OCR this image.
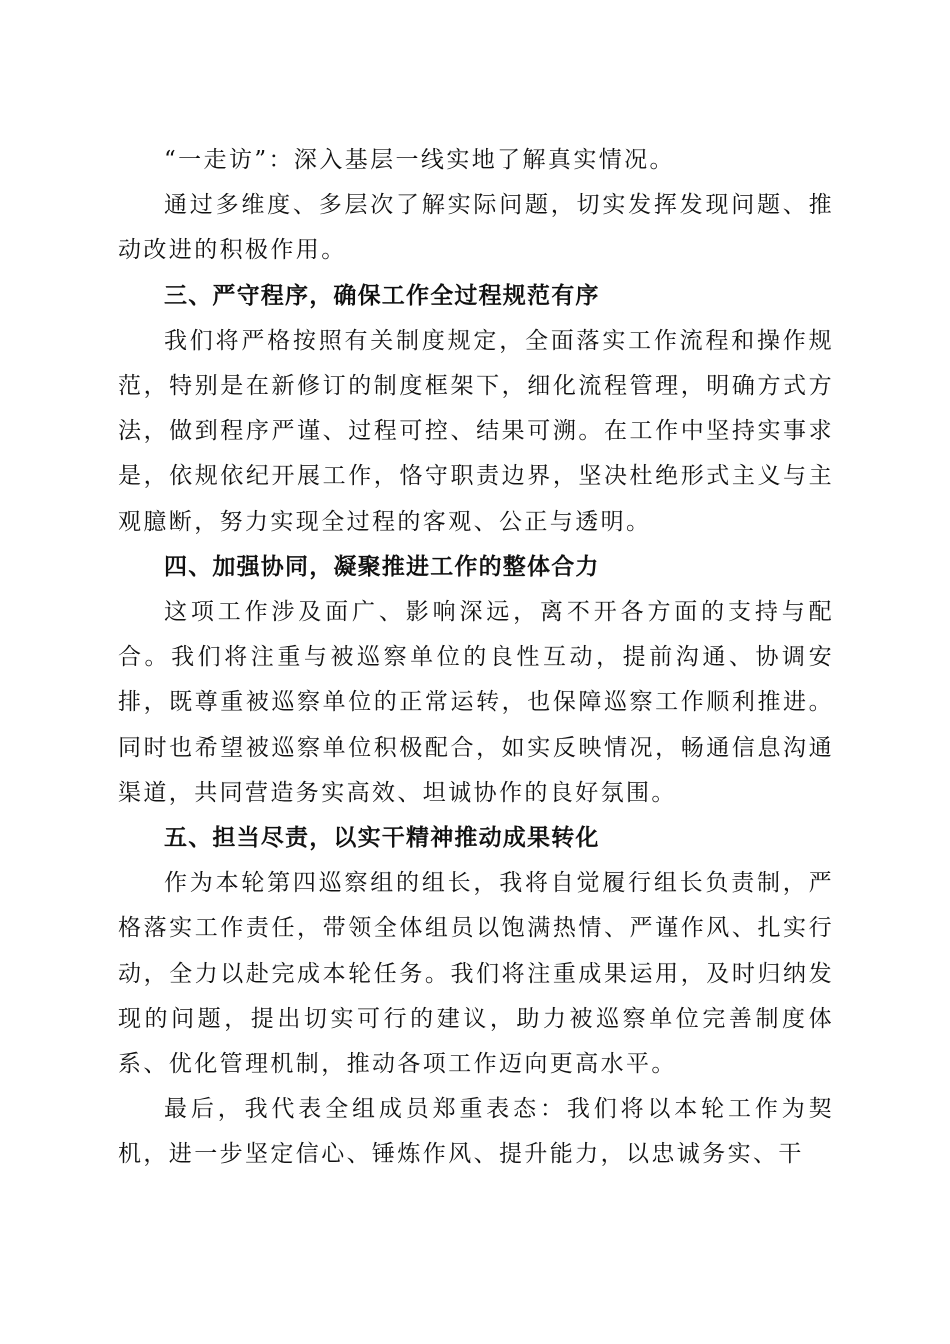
“一走访”：深入基层一线实地了解真实情况。

通过多维度、多层次了解实际问题，切实发挥发现问题、推动改进的积极作用。

三、严守程序，确保工作全过程规范有序

我们将严格按照有关制度规定，全面落实工作流程和操作规范，特别是在新修订的制度框架下，细化流程管理，明确方式方法，做到程序严谨、过程可控、结果可溯。在工作中坚持实事求是，依规依纪开展工作，恪守职责边界，坚决杜绝形式主义与主观臆断，努力实现全过程的客观、公正与透明。

四、加强协同，凝聚推进工作的整体合力

这项工作涉及面广、影响深远，离不开各方面的支持与配合。我们将注重与被巡察单位的良性互动，提前沟通、协调安排，既尊重被巡察单位的正常运转，也保障巡察工作顺利推进。同时也希望被巡察单位积极配合，如实反映情况，畅通信息沟通渠道，共同营造务实高效、坦诚协作的良好氛围。

五、担当尽责，以实干精神推动成果转化

作为本轮第四巡察组的组长，我将自觉履行组长负责制，严格落实工作责任，带领全体组员以饱满热情、严谨作风、扎实行动，全力以赴完成本轮任务。我们将注重成果运用，及时归纳发现的问题，提出切实可行的建议，助力被巡察单位完善制度体系、优化管理机制，推动各项工作迈向更高水平。

最后，我代表全组成员郑重表态：我们将以本轮工作为契机，进一步坚定信心、锤炼作风、提升能力，以忠诚务实、干
